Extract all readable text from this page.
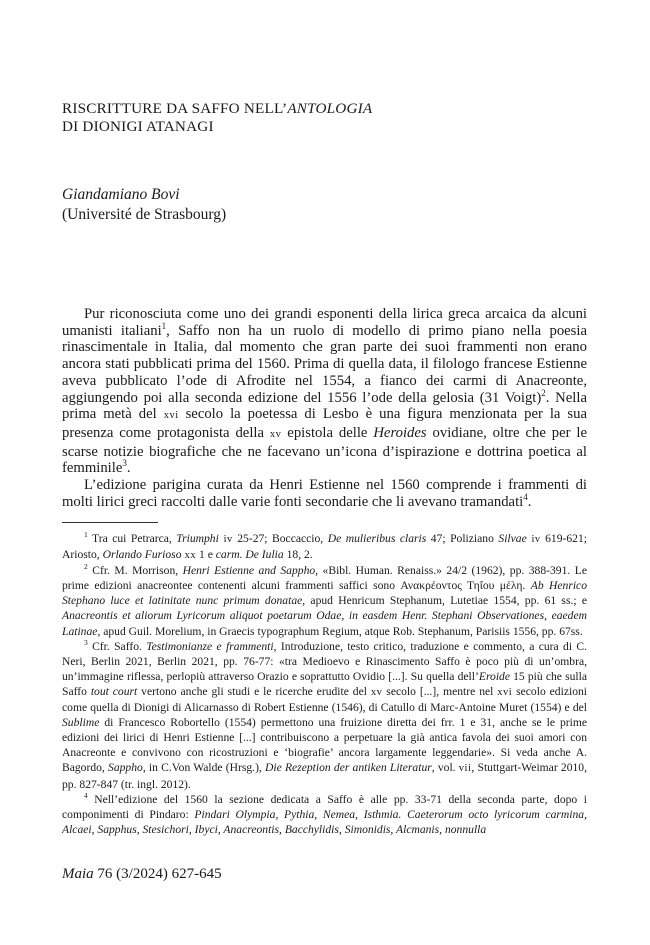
RISCRITTURE DA SAFFO NELL’ANTOLOGIA
DI DIONIGI ATANAGI
Giandamiano Bovi
(Université de Strasbourg)

Pur riconosciuta come uno dei grandi esponenti della lirica greca arcaica da alcuni umanisti italiani$^1$, Saffo non ha un ruolo di modello di primo piano nella poesia rinascimentale in Italia, dal momento che gran parte dei suoi frammenti non erano ancora stati pubblicati prima del 1560. Prima di quella data, il filologo francese Estienne aveva pubblicato l’ode di Afrodite nel 1554, a fianco dei carmi di Anacreonte, aggiungendo poi alla seconda edizione del 1556 l’ode della gelosia (31 Voigt)$^2$. Nella prima metà del xvi secolo la poetessa di Lesbo è una figura menzionata per la sua presenza come protagonista della xv epistola delle Heroides ovidiane, oltre che per le scarse notizie biografiche che ne facevano un’icona d’ispirazione e dottrina poetica al femminile$^3$.

L’edizione parigina curata da Henri Estienne nel 1560 comprende i frammenti di molti lirici greci raccolti dalle varie fonti secondarie che li avevano tramandati$^4$.

$^1$ Tra cui Petrarca, Triumphi iv 25-27; Boccaccio, De mulieribus claris 47; Poliziano Silvae iv 619-621; Ariosto, Orlando Furioso xx 1 e carm. De Iulia 18, 2.

$^2$ Cfr. M. Morrison, Henri Estienne and Sappho, «Bibl. Human. Renaiss.» 24/2 (1962), pp. 388-391. Le prime edizioni anacreontee contenenti alcuni frammenti saffici sono Ανακρέοντος Τηΐου μέλη. Ab Henrico Stephano luce et latinitate nunc primum donatae, apud Henricum Stephanum, Lutetiae 1554, pp. 61 ss.; e Anacreontis et aliorum Lyricorum aliquot poetarum Odae, in easdem Henr. Stephani Observationes, eaedem Latinae, apud Guil. Morelium, in Graecis typographum Regium, atque Rob. Stephanum, Parisiis 1556, pp. 67ss.

$^3$ Cfr. Saffo. Testimonianze e frammenti, Introduzione, testo critico, traduzione e commento, a cura di C. Neri, Berlin 2021, Berlin 2021, pp. 76-77: «tra Medioevo e Rinascimento Saffo è poco più di un’ombra, un’immagine riflessa, perlopiù attraverso Orazio e soprattutto Ovidio [...]. Su quella dell’Eroide 15 più che sulla Saffo tout court vertono anche gli studi e le ricerche erudite del xv secolo [...], mentre nel xvi secolo edizioni come quella di Dionigi di Alicarnasso di Robert Estienne (1546), di Catullo di Marc-Antoine Muret (1554) e del Sublime di Francesco Robortello (1554) permettono una fruizione diretta dei frr. 1 e 31, anche se le prime edizioni dei lirici di Henri Estienne [...] contribuiscono a perpetuare la già antica favola dei suoi amori con Anacreonte e convivono con ricostruzioni e ‘biografie’ ancora largamente leggendarie». Si veda anche A. Bagordo, Sappho, in C.Von Walde (Hrsg.), Die Rezeption der antiken Literatur, vol. vii, Stuttgart-Weimar 2010, pp. 827-847 (tr. ingl. 2012).

$^4$ Nell’edizione del 1560 la sezione dedicata a Saffo è alle pp. 33-71 della seconda parte, dopo i componimenti di Pindaro: Pindari Olympia, Pythia, Nemea, Isthmia. Caeterorum octo lyricorum carmina, Alcaei, Sapphus, Stesichori, Ibyci, Anacreontis, Bacchylidis, Simonidis, Alcmanis, nonnulla

Maia 76 (3/2024) 627-645
